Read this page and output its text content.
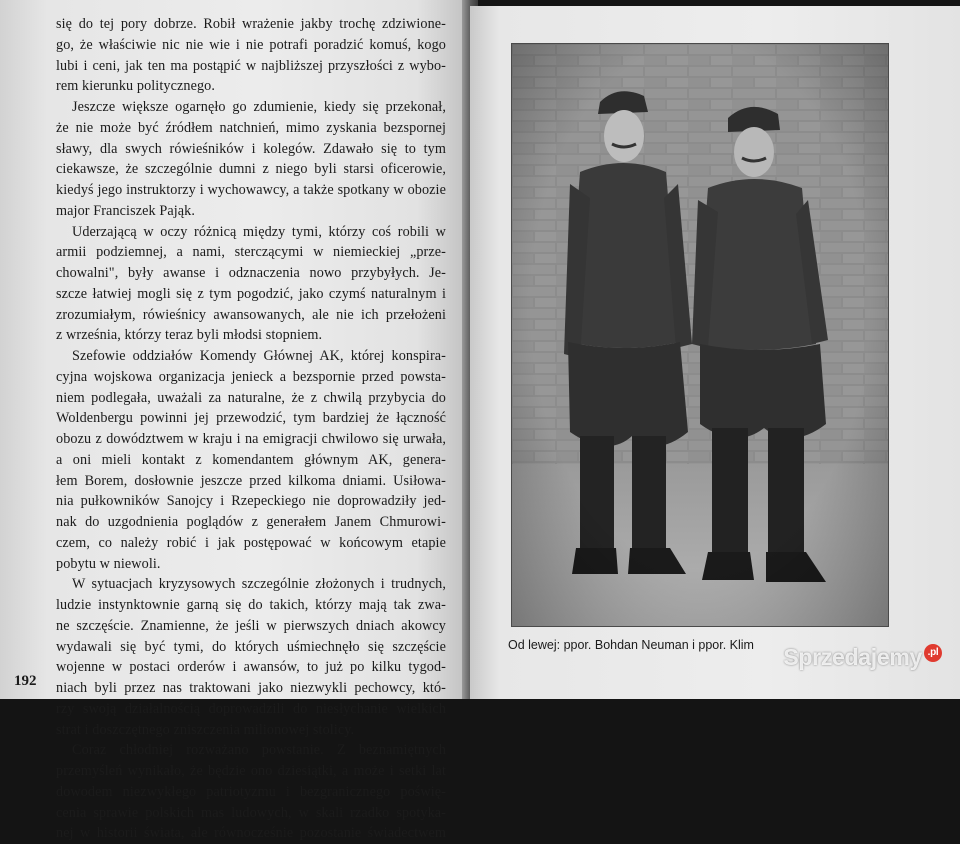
się do tej pory dobrze. Robił wrażenie jakby trochę zdziwione-
go, że właściwie nic nie wie i nie potrafi poradzić komuś, kogo
lubi i ceni, jak ten ma postąpić w najbliższej przyszłości z wybo-
rem kierunku politycznego.
Jeszcze większe ogarnęło go zdumienie, kiedy się przekonał,
że nie może być źródłem natchnień, mimo zyskania bezspornej
sławy, dla swych rówieśników i kolegów. Zdawało się to tym
ciekawsze, że szczególnie dumni z niego byli starsi oficerowie,
kiedyś jego instruktorzy i wychowawcy, a także spotkany w obozie
major Franciszek Pająk.
Uderzającą w oczy różnicą między tymi, którzy coś robili w
armii podziemnej, a nami, sterczącymi w niemieckiej „prze-
chowalni", były awanse i odznaczenia nowo przybyłych. Je-
szcze łatwiej mogli się z tym pogodzić, jako czymś naturalnym i
zrozumiałym, rówieśnicy awansowanych, ale nie ich przełożeni
z września, którzy teraz byli młodsi stopniem.
Szefowie oddziałów Komendy Głównej AK, której konspira-
cyjna wojskowa organizacja jenieck a bezspornie przed powsta-
niem podlegała, uważali za naturalne, że z chwilą przybycia do
Woldenbergu powinni jej przewodzić, tym bardziej że łączność
obozu z dowództwem w kraju i na emigracji chwilowo się urwała,
a oni mieli kontakt z komendantem głównym AK, genera-
łem Borem, dosłownie jeszcze przed kilkoma dniami. Usiłowa-
nia pułkowników Sanojcy i Rzepeckiego nie doprowadziły jed-
nak do uzgodnienia poglądów z generałem Janem Chmurowi-
czem, co należy robić i jak postępować w końcowym etapie
pobytu w niewoli.
W sytuacjach kryzysowych szczególnie złożonych i trudnych,
ludzie instynktownie garną się do takich, którzy mają tak zwa-
ne szczęście. Znamienne, że jeśli w pierwszych dniach akowcy
wydawali się być tymi, do których uśmiechnęło się szczęście
wojenne w postaci orderów i awansów, to już po kilku tygod-
niach byli przez nas traktowani jako niezwykli pechowcy, któ-
rzy swoją działalnością doprowadzili do niesłychanie wielkich
strat i doszczętnego zniszczenia milionowej stolicy.
Coraz chłodniej rozważano powstanie. Z beznamiętnych
przemyśleń wynikało, że będzie ono dziesiątki, a może i setki lat
dowodem niezwykłego patriotyzmu i bezgranicznego poświę-
cenia sprawie polskich mas ludowych, w skali rzadko spotyka-
nej w historii świata, ale równocześnie pozostanie świadectwem
192
Od lewej: ppor. Bohdan Neuman i ppor. Klim	Sprzedajemy .pl
